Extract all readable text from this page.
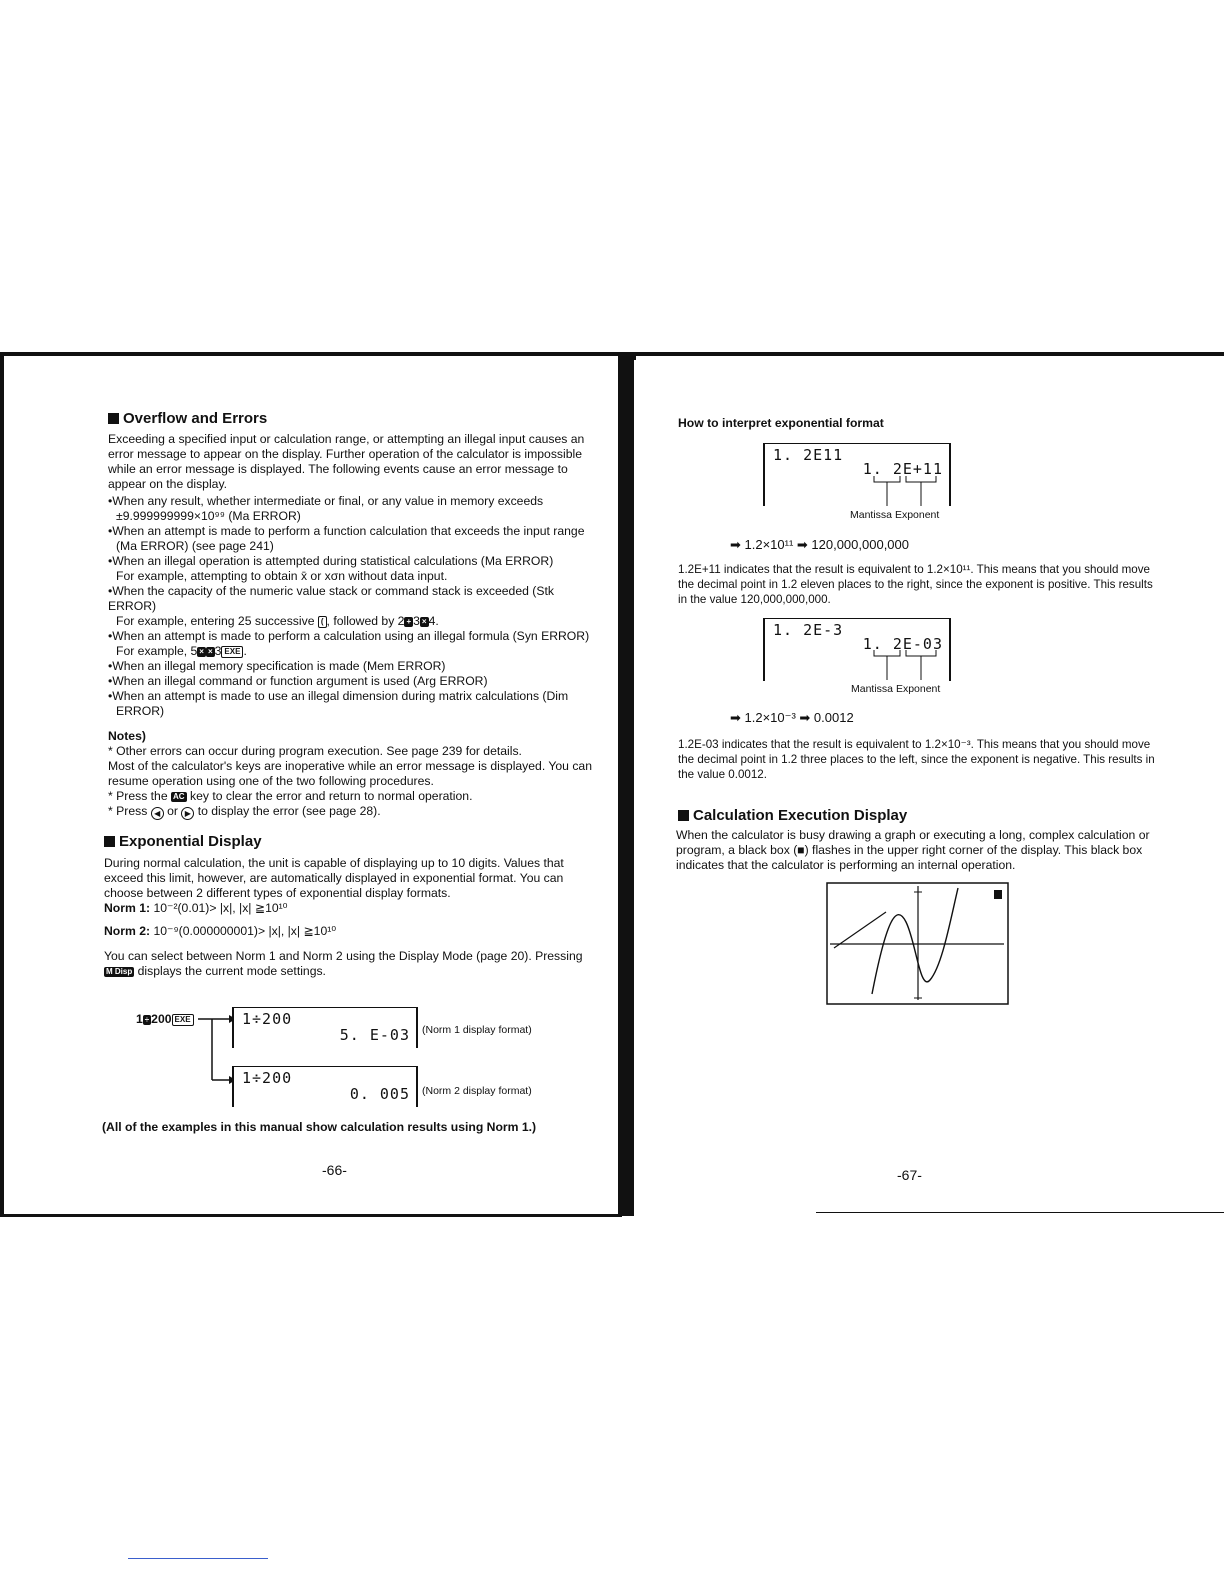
Overflow and Errors

Exceeding a specified input or calculation range, or attempting an illegal input causes an error message to appear on the display. Further operation of the calculator is impossible while an error message is displayed. The following events cause an error message to appear on the display.

•When any result, whether intermediate or final, or any value in memory exceeds

±9.999999999×10⁹⁹ (Ma ERROR)

•When an attempt is made to perform a function calculation that exceeds the input range

(Ma ERROR) (see page 241)

•When an illegal operation is attempted during statistical calculations (Ma ERROR)

For example, attempting to obtain x̄ or xσn without data input.

•When the capacity of the numeric value stack or command stack is exceeded (Stk ERROR)

For example, entering 25 successive ( , followed by 2 + 3 × 4.

•When an attempt is made to perform a calculation using an illegal formula (Syn ERROR)

For example, 5 × × 3 EXE .

•When an illegal memory specification is made (Mem ERROR)

•When an illegal command or function argument is used (Arg ERROR)

•When an attempt is made to use an illegal dimension during matrix calculations (Dim

ERROR)

Notes)

* Other errors can occur during program execution. See page 239 for details.

Most of the calculator's keys are inoperative while an error message is displayed. You can resume operation using one of the two following procedures.

* Press the AC key to clear the error and return to normal operation.

* Press ◀ or ▶ to display the error (see page 28).

Exponential Display

During normal calculation, the unit is capable of displaying up to 10 digits. Values that exceed this limit, however, are automatically displayed in exponential format. You can choose between 2 different types of exponential display formats.

Norm 1: 10⁻²(0.01)> |x|, |x| ≧10¹⁰

Norm 2: 10⁻⁹(0.000000001)> |x|, |x| ≧10¹⁰

You can select between Norm 1 and Norm 2 using the Display Mode (page 20). Pressing M Disp displays the current mode settings.

1 ÷ 200 EXE	1÷200
5. E-03 (Norm 1 display format)
1÷200
0. 005 (Norm 2 display format)
(All of the examples in this manual show calculation results using Norm 1.)
-66-
How to interpret exponential format
1. 2E11
1. 2E+11
Mantissa Exponent
➡ 1.2×10¹¹ ➡ 120,000,000,000
1.2E+11 indicates that the result is equivalent to 1.2×10¹¹. This means that you should move the decimal point in 1.2 eleven places to the right, since the exponent is positive. This results in the value 120,000,000,000.
1. 2E-3
1. 2E-03
Mantissa Exponent
➡ 1.2×10⁻³ ➡ 0.0012
1.2E-03 indicates that the result is equivalent to 1.2×10⁻³. This means that you should move the decimal point in 1.2 three places to the left, since the exponent is negative. This results in the value 0.0012.
Calculation Execution Display
When the calculator is busy drawing a graph or executing a long, complex calculation or program, a black box (■) flashes in the upper right corner of the display. This black box indicates that the calculator is performing an internal operation.
-67-
